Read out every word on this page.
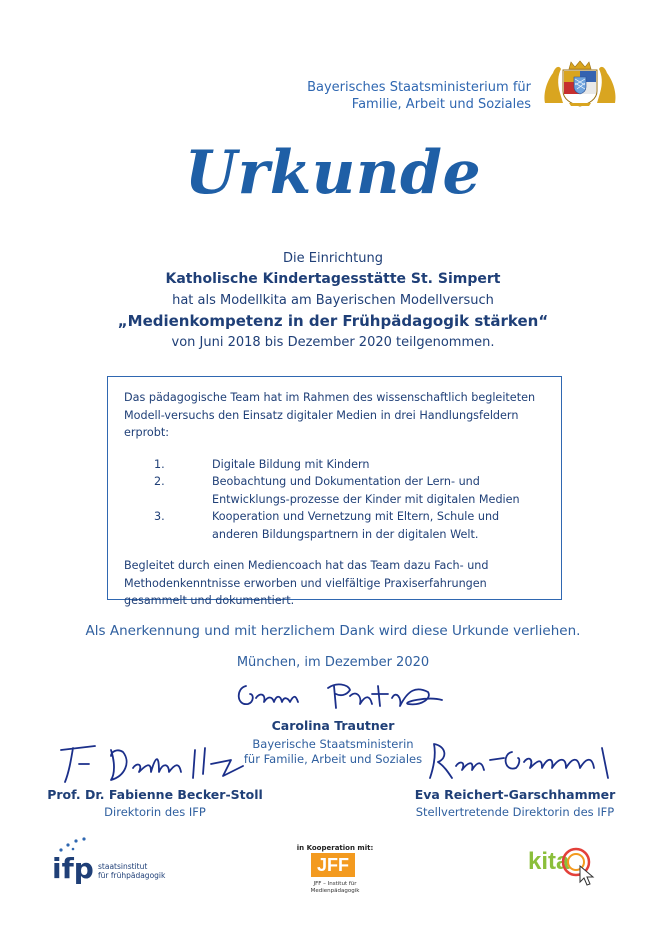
Bayerisches Staatsministerium für
Familie, Arbeit und Soziales
Urkunde
Die Einrichtung
Katholische Kindertagesstätte St. Simpert
hat als Modellkita am Bayerischen Modellversuch
„Medienkompetenz in der Frühpädagogik stärken“
von Juni 2018 bis Dezember 2020 teilgenommen.

Das pädagogische Team hat im Rahmen des wissenschaftlich begleiteten Modell-versuchs den Einsatz digitaler Medien in drei Handlungsfeldern erprobt:

1.	Digitale Bildung mit Kindern
2.	Beobachtung und Dokumentation der Lern- und Entwicklungs-prozesse der Kinder mit digitalen Medien
3.	Kooperation und Vernetzung mit Eltern, Schule und anderen Bildungspartnern in der digitalen Welt.

Begleitet durch einen Mediencoach hat das Team dazu Fach- und Methodenkenntnisse erworben und vielfältige Praxiserfahrungen gesammelt und dokumentiert.

Als Anerkennung und mit herzlichem Dank wird diese Urkunde verliehen.
München, im Dezember 2020
Carolina Trautner
Bayerische Staatsministerin
für Familie, Arbeit und Soziales
Prof. Dr. Fabienne Becker-Stoll
Direktorin des IFP
Eva Reichert-Garschhammer
Stellvertretende Direktorin des IFP
ifp staatsinstitut
für frühpädagogik
in Kooperation mit:
JFF
JFF – Institut für
Medienpädagogik
kita
